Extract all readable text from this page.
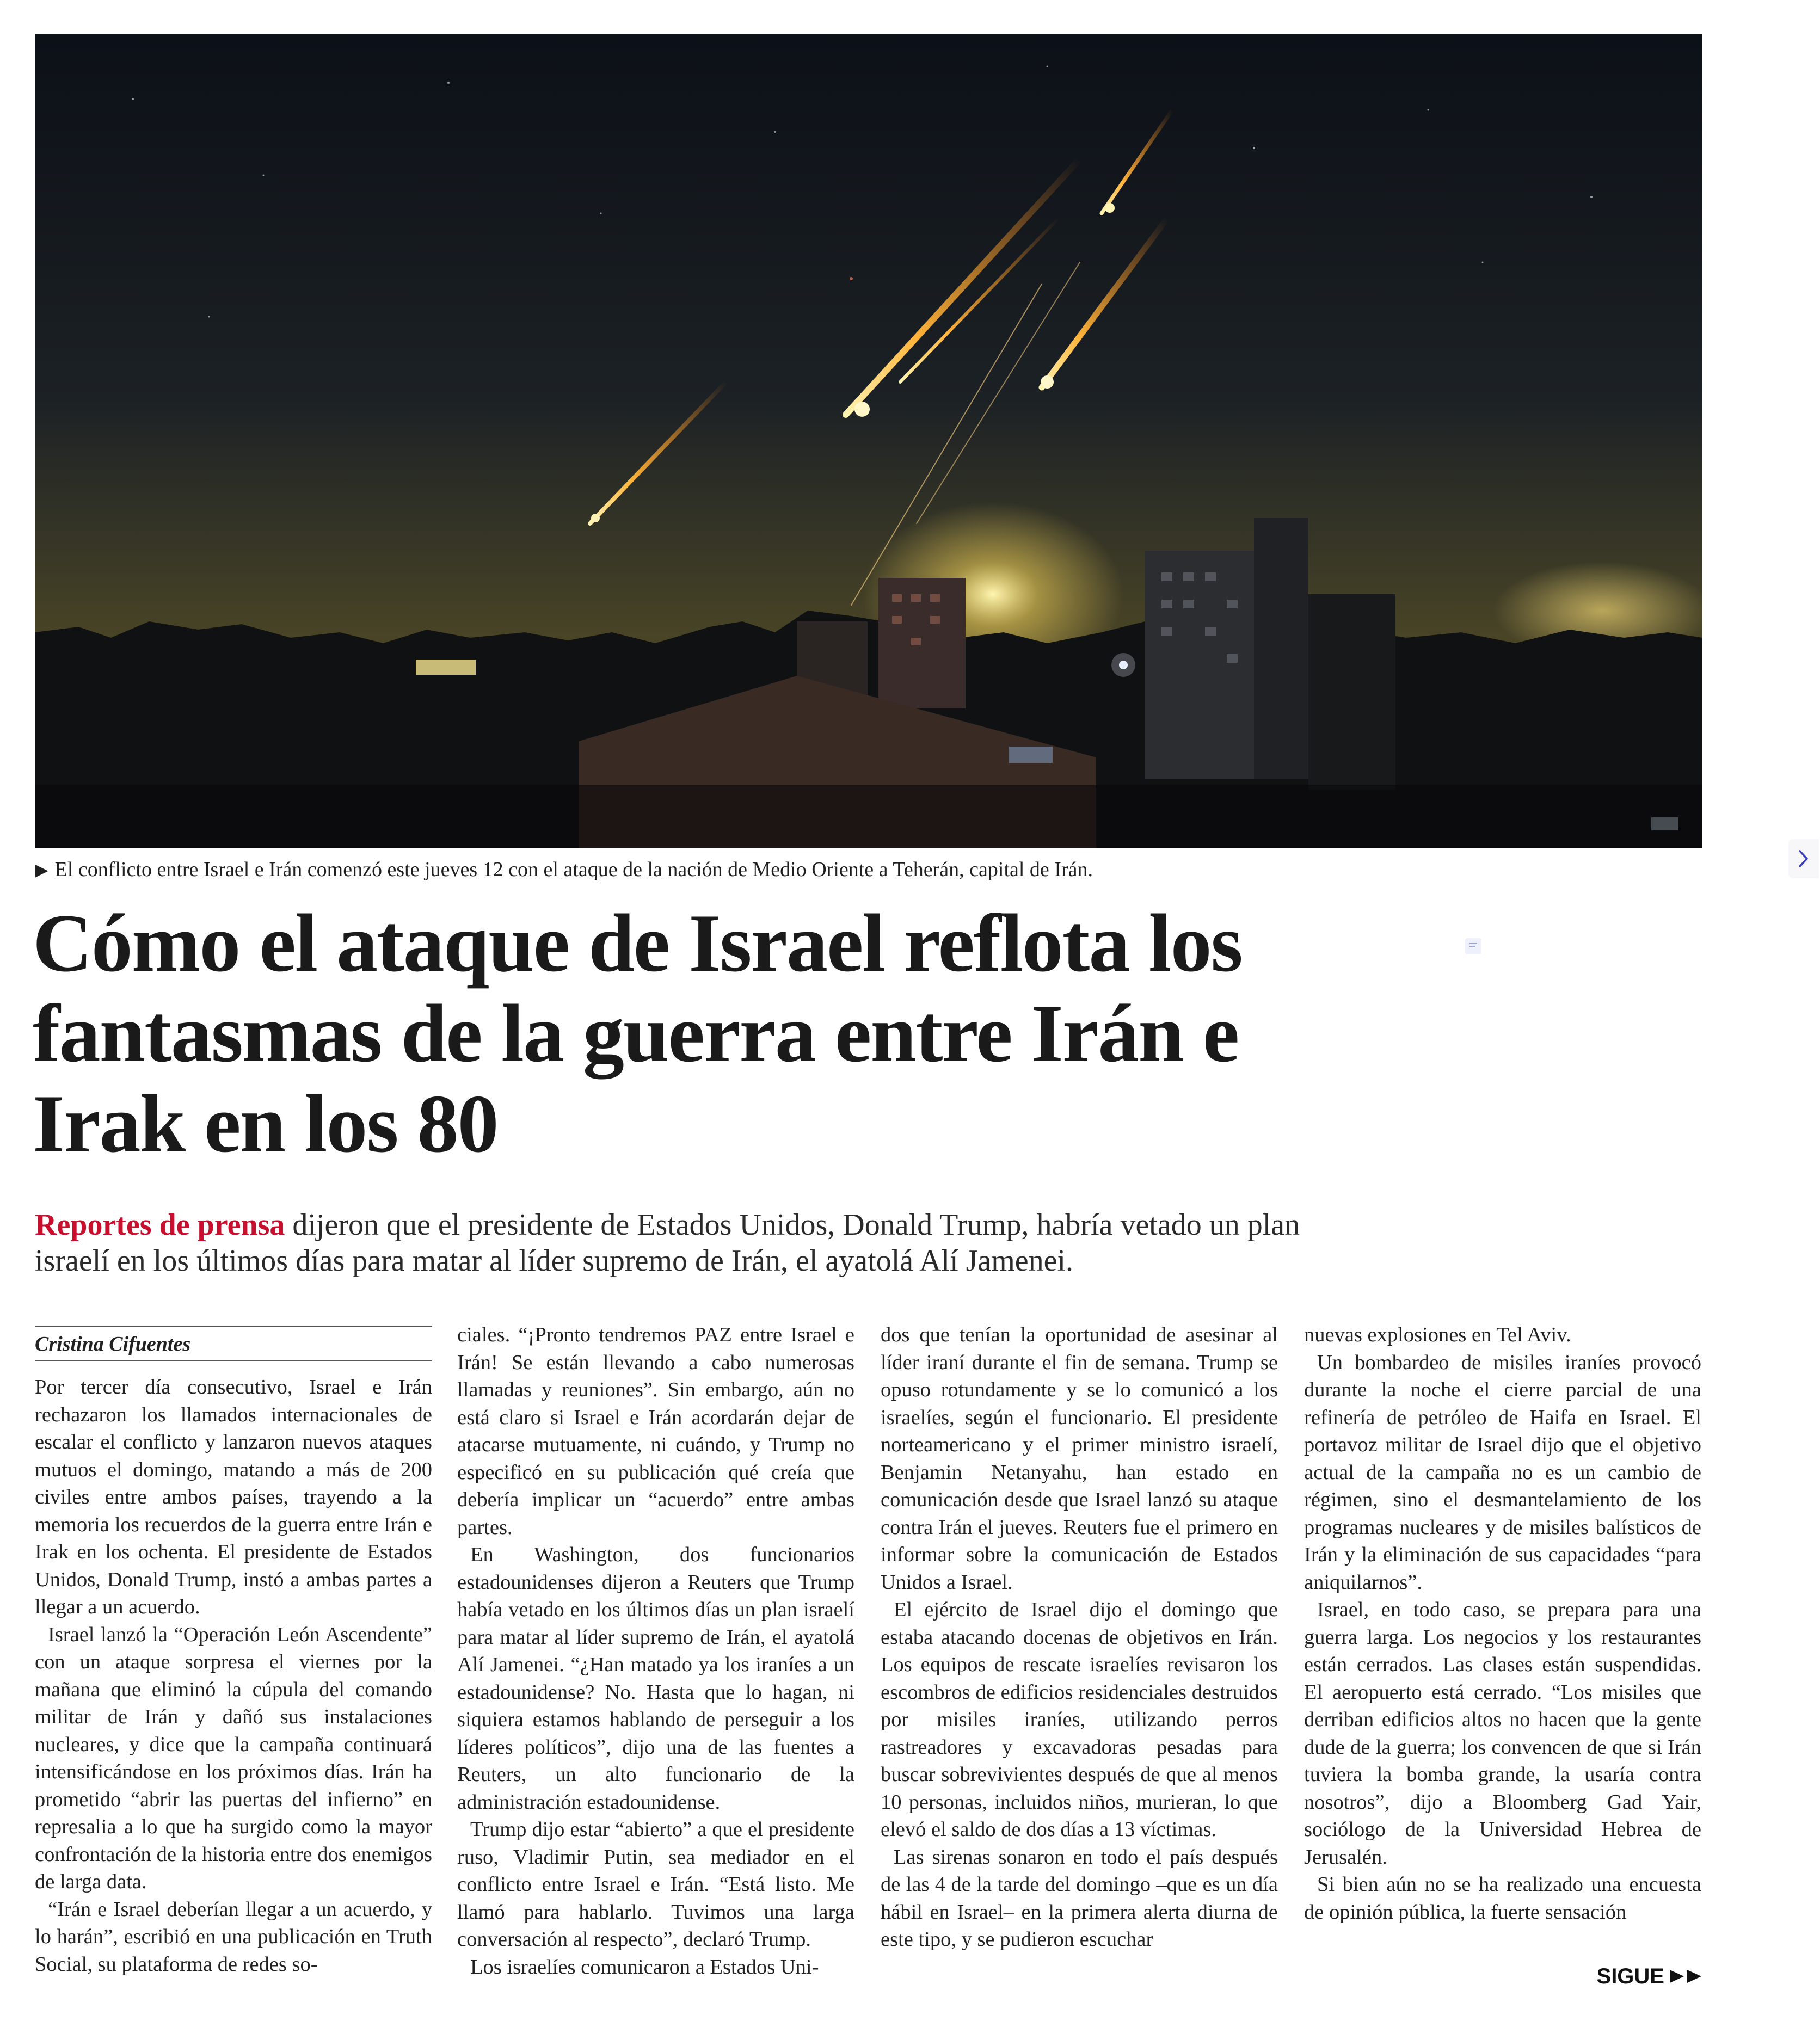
▶ El conflicto entre Israel e Irán comenzó este jueves 12 con el ataque de la nación de Medio Oriente a Teherán, capital de Irán.
Cómo el ataque de Israel reflota los fantasmas de la guerra entre Irán e Irak en los 80

Reportes de prensa dijeron que el presidente de Estados Unidos, Donald Trump, habría vetado un plan israelí en los últimos días para matar al líder supremo de Irán, el ayatolá Alí Jamenei.

Cristina Cifuentes

Por tercer día consecutivo, Israel e Irán rechazaron los llamados internacionales de escalar el conflicto y lanzaron nuevos ataques mutuos el domingo, matando a más de 200 civiles entre ambos países, trayendo a la memoria los recuerdos de la guerra entre Irán e Irak en los ochenta. El presidente de Estados Unidos, Donald Trump, instó a ambas partes a llegar a un acuerdo.

Israel lanzó la “Operación León Ascendente” con un ataque sorpresa el viernes por la mañana que eliminó la cúpula del comando militar de Irán y dañó sus instalaciones nucleares, y dice que la campaña continuará intensificándose en los próximos días. Irán ha prometido “abrir las puertas del infierno” en represalia a lo que ha surgido como la mayor confrontación de la historia entre dos enemigos de larga data.

“Irán e Israel deberían llegar a un acuerdo, y lo harán”, escribió en una publicación en Truth Social, su plataforma de redes so-

ciales. “¡Pronto tendremos PAZ entre Israel e Irán! Se están llevando a cabo numerosas llamadas y reuniones”. Sin embargo, aún no está claro si Israel e Irán acordarán dejar de atacarse mutuamente, ni cuándo, y Trump no especificó en su publicación qué creía que debería implicar un “acuerdo” entre ambas partes.

En Washington, dos funcionarios estadounidenses dijeron a Reuters que Trump había vetado en los últimos días un plan israelí para matar al líder supremo de Irán, el ayatolá Alí Jamenei. “¿Han matado ya los iraníes a un estadounidense? No. Hasta que lo hagan, ni siquiera estamos hablando de perseguir a los líderes políticos”, dijo una de las fuentes a Reuters, un alto funcionario de la administración estadounidense.

Trump dijo estar “abierto” a que el presidente ruso, Vladimir Putin, sea mediador en el conflicto entre Israel e Irán. “Está listo. Me llamó para hablarlo. Tuvimos una larga conversación al respecto”, declaró Trump.

Los israelíes comunicaron a Estados Uni-

dos que tenían la oportunidad de asesinar al líder iraní durante el fin de semana. Trump se opuso rotundamente y se lo comunicó a los israelíes, según el funcionario. El presidente norteamericano y el primer ministro israelí, Benjamin Netanyahu, han estado en comunicación desde que Israel lanzó su ataque contra Irán el jueves. Reuters fue el primero en informar sobre la comunicación de Estados Unidos a Israel.

El ejército de Israel dijo el domingo que estaba atacando docenas de objetivos en Irán. Los equipos de rescate israelíes revisaron los escombros de edificios residenciales destruidos por misiles iraníes, utilizando perros rastreadores y excavadoras pesadas para buscar sobrevivientes después de que al menos 10 personas, incluidos niños, murieran, lo que elevó el saldo de dos días a 13 víctimas.

Las sirenas sonaron en todo el país después de las 4 de la tarde del domingo –que es un día hábil en Israel– en la primera alerta diurna de este tipo, y se pudieron escuchar

nuevas explosiones en Tel Aviv.

Un bombardeo de misiles iraníes provocó durante la noche el cierre parcial de una refinería de petróleo de Haifa en Israel. El portavoz militar de Israel dijo que el objetivo actual de la campaña no es un cambio de régimen, sino el desmantelamiento de los programas nucleares y de misiles balísticos de Irán y la eliminación de sus capacidades “para aniquilarnos”.

Israel, en todo caso, se prepara para una guerra larga. Los negocios y los restaurantes están cerrados. Las clases están suspendidas. El aeropuerto está cerrado. “Los misiles que derriban edificios altos no hacen que la gente dude de la guerra; los convencen de que si Irán tuviera la bomba grande, la usaría contra nosotros”, dijo a Bloomberg Gad Yair, sociólogo de la Universidad Hebrea de Jerusalén.

Si bien aún no se ha realizado una encuesta de opinión pública, la fuerte sensación

SIGUE
